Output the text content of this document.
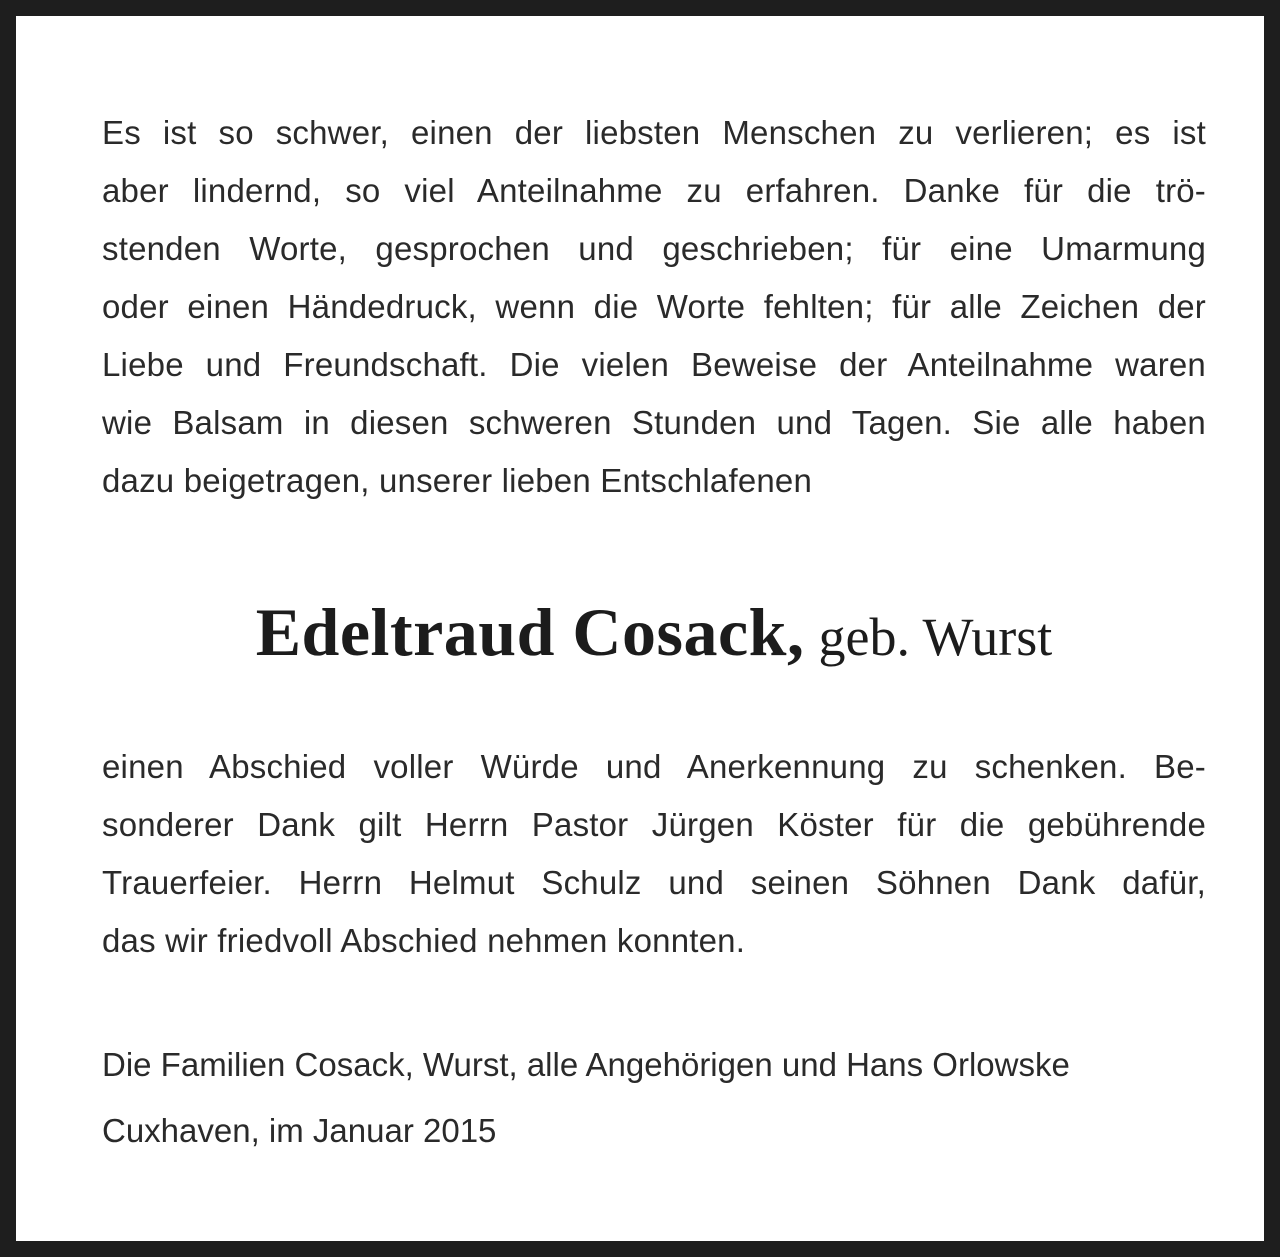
Es ist so schwer, einen der liebsten Menschen zu verlieren; es ist
aber lindernd, so viel Anteilnahme zu erfahren. Danke für die trö-
stenden Worte, gesprochen und geschrieben; für eine Umarmung
oder einen Händedruck, wenn die Worte fehlten; für alle Zeichen der
Liebe und Freundschaft. Die vielen Beweise der Anteilnahme waren
wie Balsam in diesen schweren Stunden und Tagen. Sie alle haben
dazu beigetragen, unserer lieben Entschlafenen
Edeltraud Cosack, geb. Wurst
einen Abschied voller Würde und Anerkennung zu schenken. Be-
sonderer Dank gilt Herrn Pastor Jürgen Köster für die gebührende
Trauerfeier. Herrn Helmut Schulz und seinen Söhnen Dank dafür,
das wir friedvoll Abschied nehmen konnten.
Die Familien Cosack, Wurst, alle Angehörigen und Hans Orlowske
Cuxhaven, im Januar 2015
